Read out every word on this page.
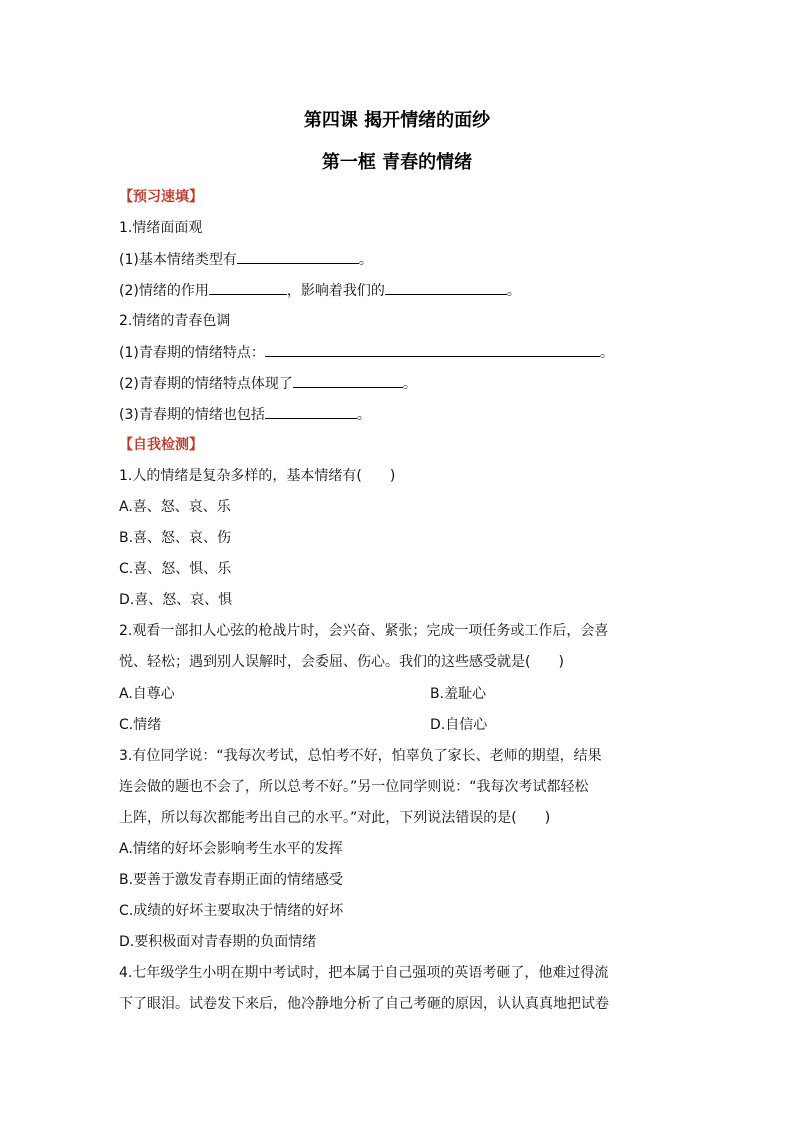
第四课 揭开情绪的面纱
第一框 青春的情绪
【预习速填】
1.情绪面面观
(1)基本情绪类型有	。
(2)情绪的作用	，影响着我们的	。
2.情绪的青春色调
(1)青春期的情绪特点：	。
(2)青春期的情绪特点体现了	。
(3)青春期的情绪也包括	。
【自我检测】
1.人的情绪是复杂多样的，基本情绪有(　　)
A.喜、怒、哀、乐
B.喜、怒、哀、伤
C.喜、怒、惧、乐
D.喜、怒、哀、惧
2.观看一部扣人心弦的枪战片时，会兴奋、紧张；完成一项任务或工作后，会喜
悦、轻松；遇到别人误解时，会委屈、伤心。我们的这些感受就是(　　)
A.自尊心	B.羞耻心
C.情绪	D.自信心
3.有位同学说：“我每次考试，总怕考不好，怕辜负了家长、老师的期望，结果
连会做的题也不会了，所以总考不好。”另一位同学则说：“我每次考试都轻松
上阵，所以每次都能考出自己的水平。”对此，下列说法错误的是(　　)
A.情绪的好坏会影响考生水平的发挥
B.要善于激发青春期正面的情绪感受
C.成绩的好坏主要取决于情绪的好坏
D.要积极面对青春期的负面情绪
4.七年级学生小明在期中考试时，把本属于自己强项的英语考砸了，他难过得流
下了眼泪。试卷发下来后，他冷静地分析了自己考砸的原因，认认真真地把试卷
